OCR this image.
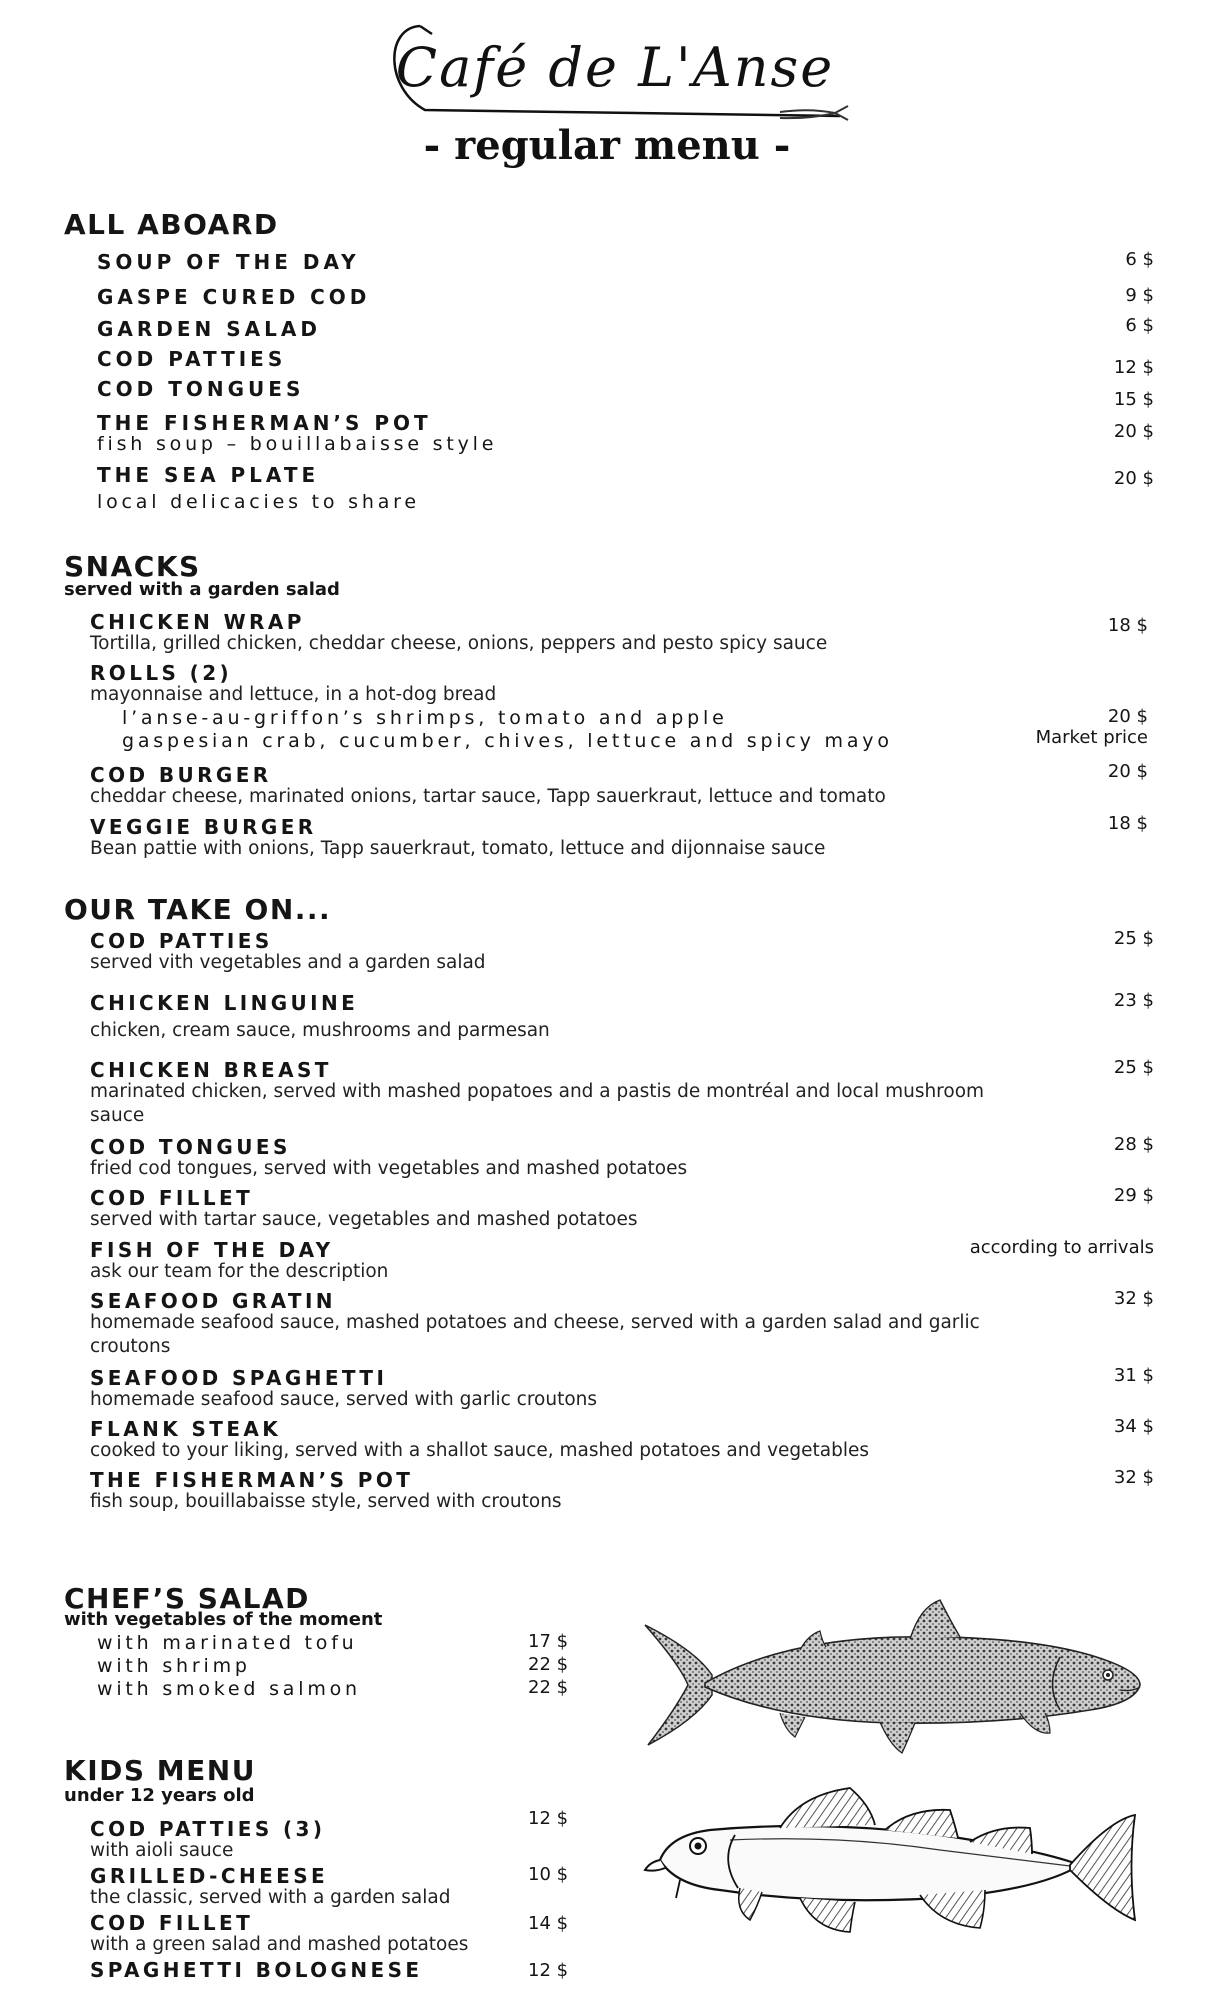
Café de L'Anse
- regular menu -
ALL ABOARD
SOUP OF THE DAY	6 $
GASPE CURED COD	9 $
GARDEN SALAD	6 $
COD PATTIES	12 $
COD TONGUES	15 $
THE FISHERMAN’S POT
fish soup – bouillabaisse style
20 $
THE SEA PLATE
local delicacies to share
20 $
SNACKS
served with a garden salad
CHICKEN WRAP
Tortilla, grilled chicken, cheddar cheese, onions, peppers and pesto spicy sauce
18 $
ROLLS (2)
mayonnaise and lettuce, in a hot-dog bread
l’anse-au-griffon’s shrimps, tomato and apple	20 $
gaspesian crab, cucumber, chives, lettuce and spicy mayo	Market price
COD BURGER
cheddar cheese, marinated onions, tartar sauce, Tapp sauerkraut, lettuce and tomato
20 $
VEGGIE BURGER
Bean pattie with onions, Tapp sauerkraut, tomato, lettuce and dijonnaise sauce
18 $
OUR TAKE ON...
COD PATTIES
served vith vegetables and a garden salad
25 $
CHICKEN LINGUINE
chicken, cream sauce, mushrooms and parmesan
23 $
CHICKEN BREAST
marinated chicken, served with mashed popatoes and a pastis de montréal and local mushroom
sauce
25 $
COD TONGUES
fried cod tongues, served with vegetables and mashed potatoes
28 $
COD FILLET
served with tartar sauce, vegetables and mashed potatoes
29 $
FISH OF THE DAY
ask our team for the description
according to arrivals
SEAFOOD GRATIN
homemade seafood sauce, mashed potatoes and cheese, served with a garden salad and garlic
croutons
32 $
SEAFOOD SPAGHETTI
homemade seafood sauce, served with garlic croutons
31 $
FLANK STEAK
cooked to your liking, served with a shallot sauce, mashed potatoes and vegetables
34 $
THE FISHERMAN’S POT
fish soup, bouillabaisse style, served with croutons
32 $
CHEF’S SALAD
with vegetables of the moment
with marinated tofu	17 $
with shrimp	22 $
with smoked salmon	22 $
KIDS MENU
under 12 years old
COD PATTIES (3)
with aioli sauce
12 $
GRILLED-CHEESE
the classic, served with a garden salad
10 $
COD FILLET
with a green salad and mashed potatoes
14 $
SPAGHETTI BOLOGNESE	12 $
